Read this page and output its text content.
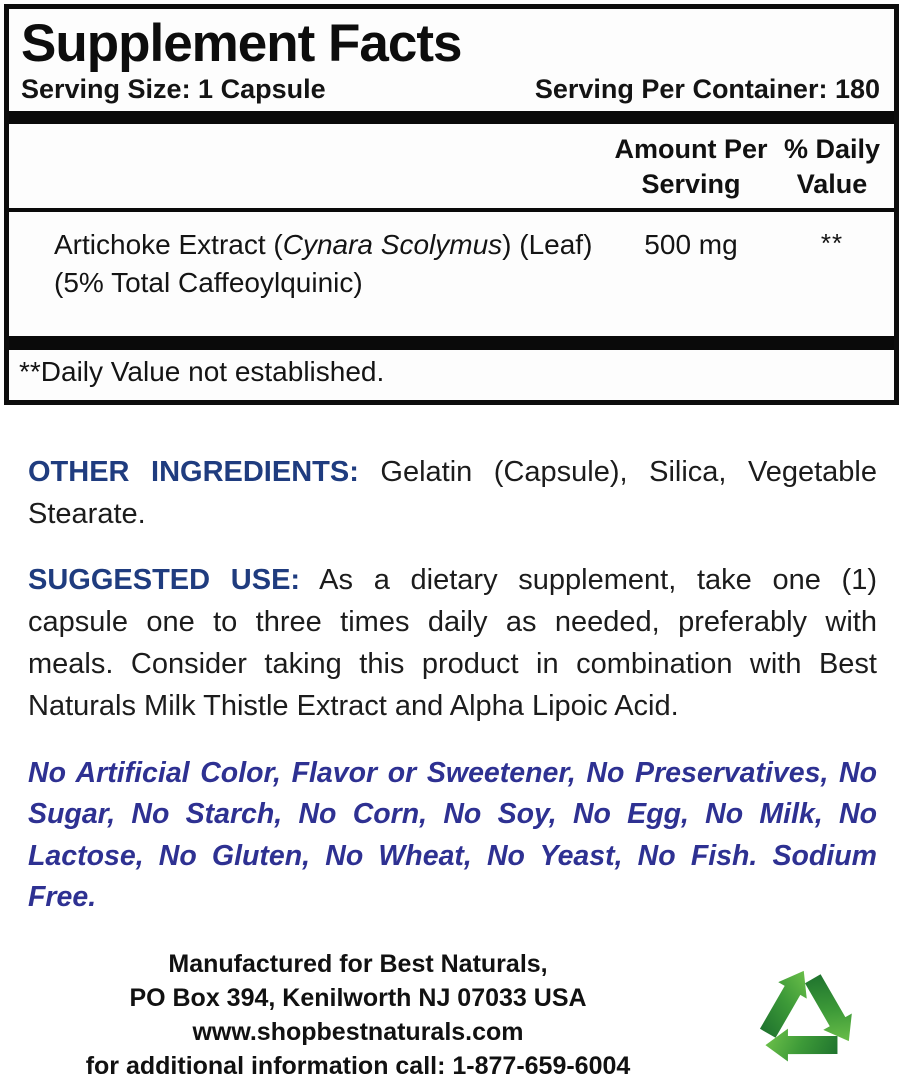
Supplement Facts
Serving Size: 1 Capsule	Serving Per Container: 180
Amount Per Serving
% Daily Value
Artichoke Extract (Cynara Scolymus) (Leaf)
(5% Total Caffeoylquinic)
500 mg	**
**Daily Value not established.

OTHER INGREDIENTS: Gelatin (Capsule), Silica, Vegetable Stearate.

SUGGESTED USE: As a dietary supplement, take one (1) capsule one to three times daily as needed, preferably with meals. Consider taking this product in combination with Best Naturals Milk Thistle Extract and Alpha Lipoic Acid.

No Artificial Color, Flavor or Sweetener, No Preservatives, No Sugar, No Starch, No Corn, No Soy, No Egg, No Milk, No Lactose, No Gluten, No Wheat, No Yeast, No Fish. Sodium Free.

Manufactured for Best Naturals,
PO Box 394, Kenilworth NJ 07033 USA
www.shopbestnaturals.com
for additional information call: 1-877-659-6004
